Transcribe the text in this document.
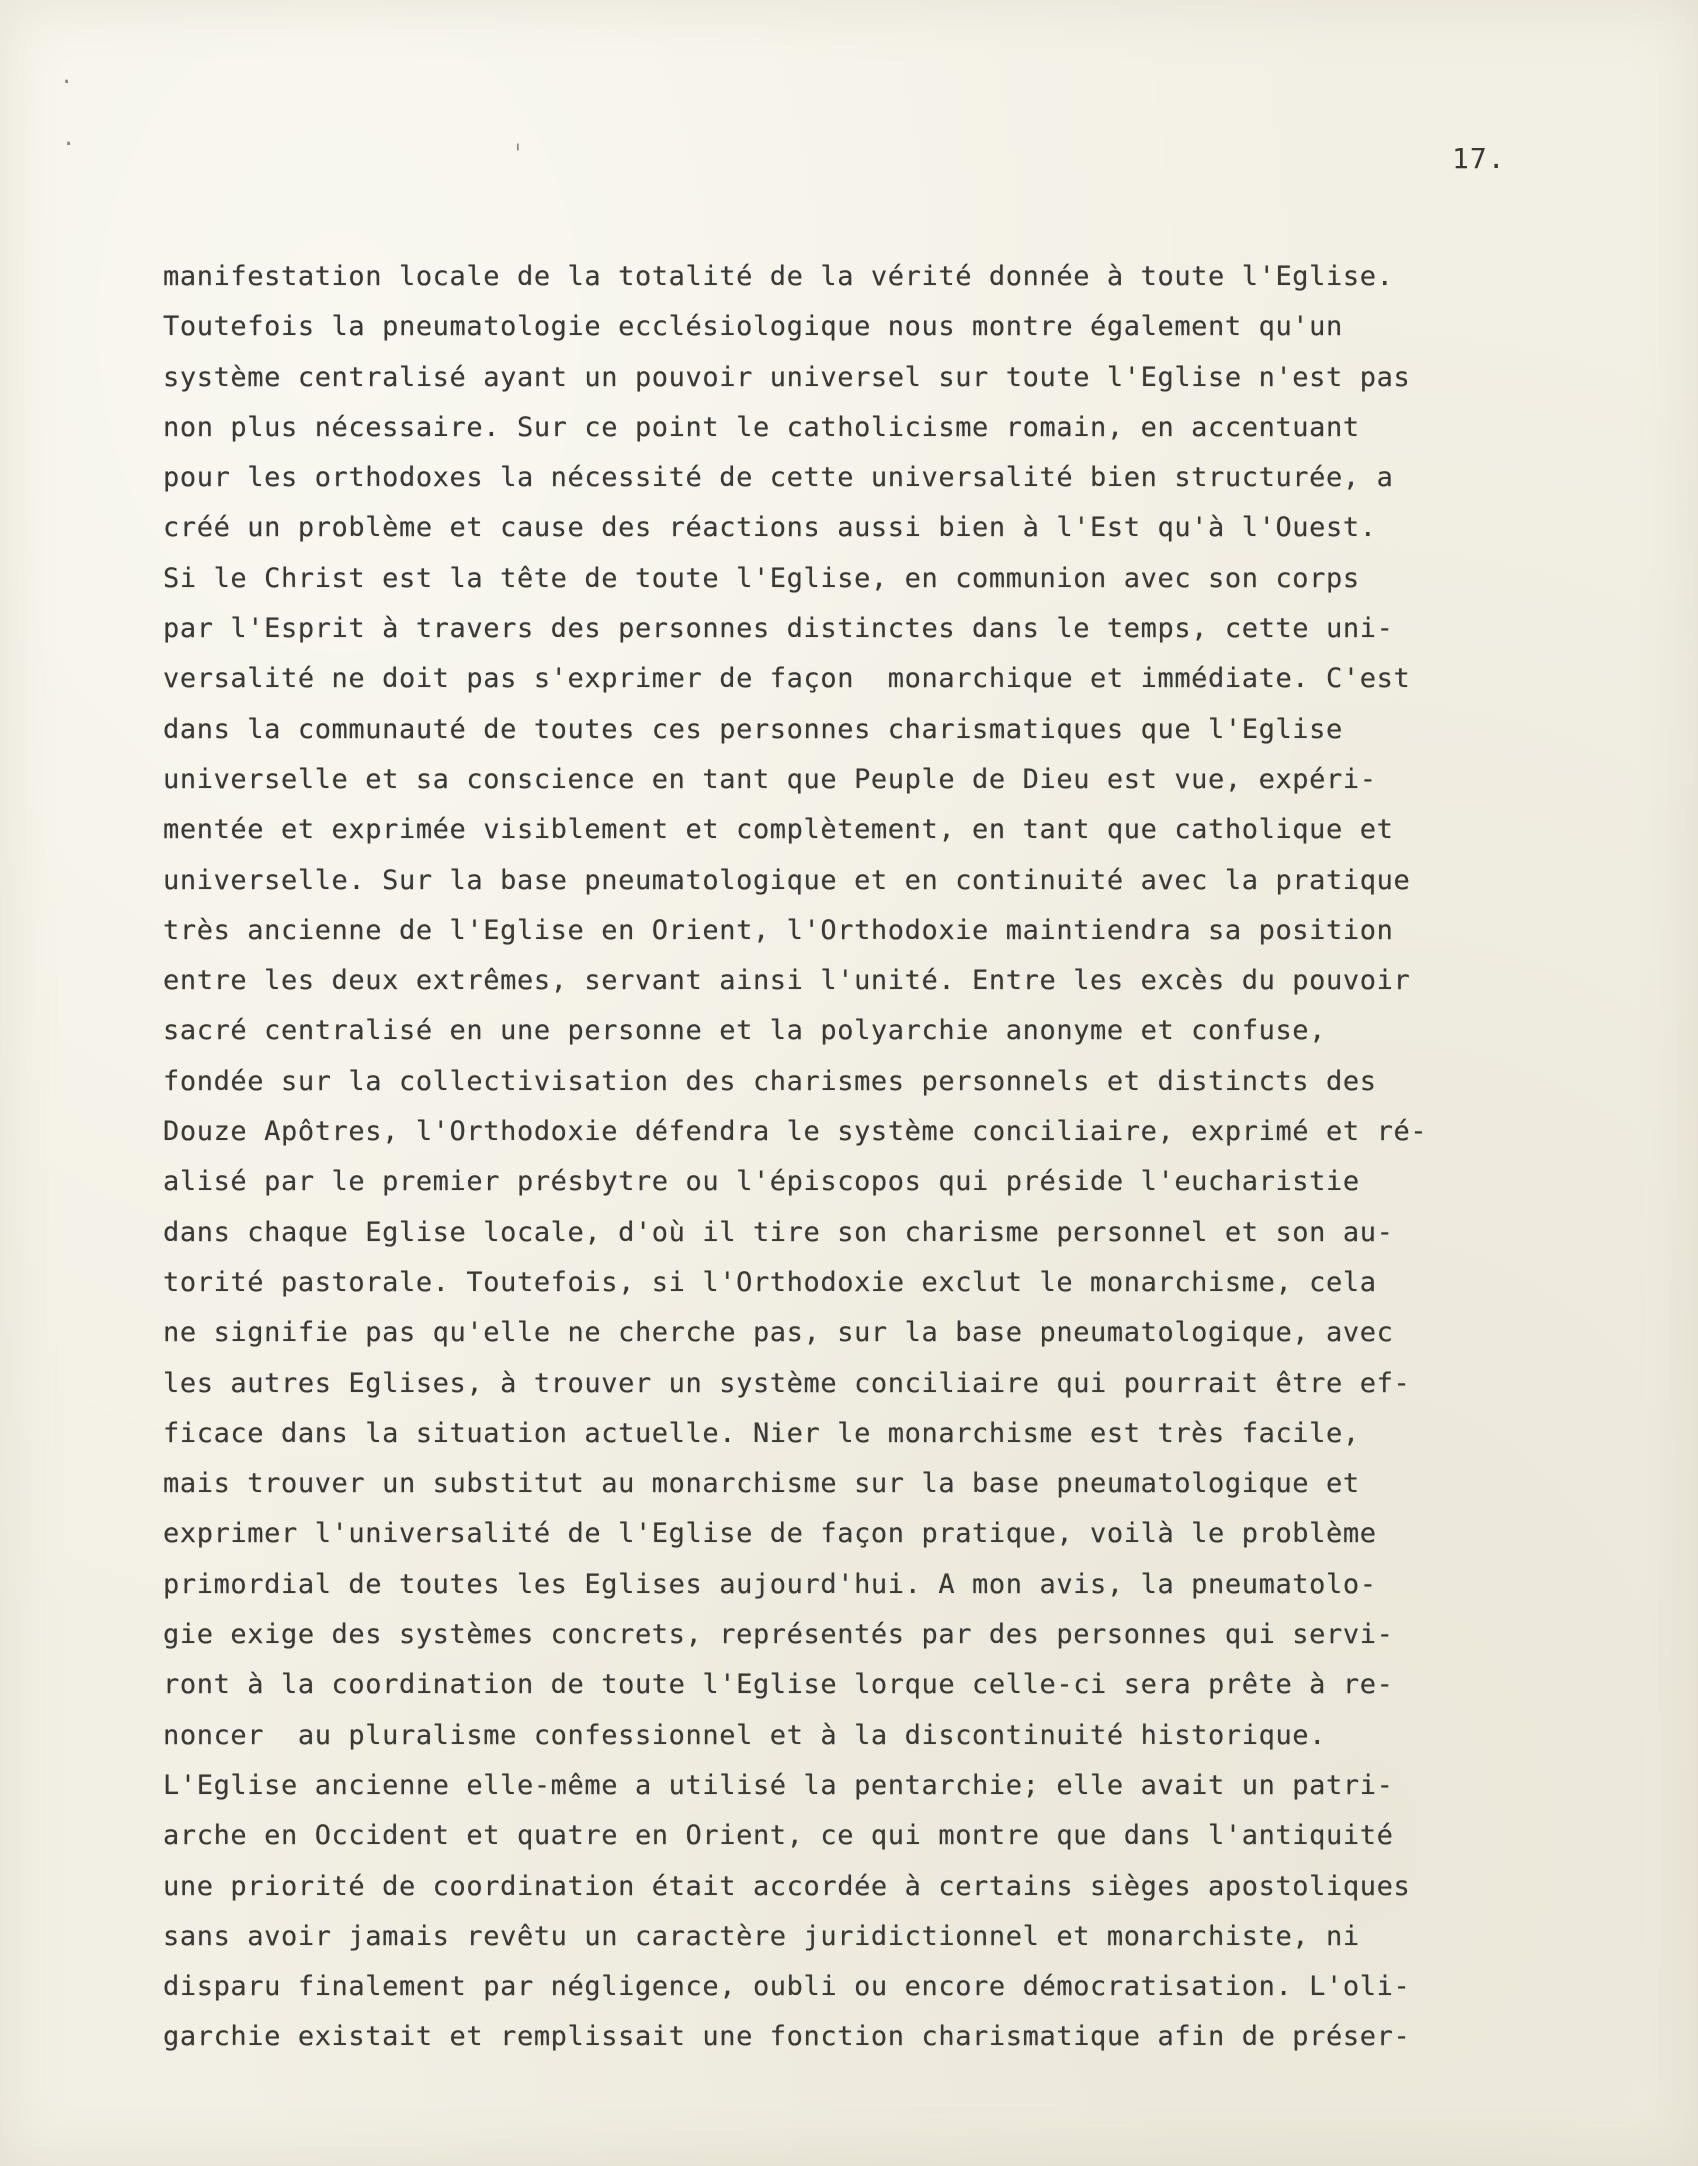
·
·	ˈ	17.
manifestation locale de la totalité de la vérité donnée à toute l'Eglise.
Toutefois la pneumatologie ecclésiologique nous montre également qu'un
système centralisé ayant un pouvoir universel sur toute l'Eglise n'est pas
non plus nécessaire. Sur ce point le catholicisme romain, en accentuant
pour les orthodoxes la nécessité de cette universalité bien structurée, a
créé un problème et cause des réactions aussi bien à l'Est qu'à l'Ouest.
Si le Christ est la tête de toute l'Eglise, en communion avec son corps
par l'Esprit à travers des personnes distinctes dans le temps, cette uni-
versalité ne doit pas s'exprimer de façon  monarchique et immédiate. C'est
dans la communauté de toutes ces personnes charismatiques que l'Eglise
universelle et sa conscience en tant que Peuple de Dieu est vue, expéri-
mentée et exprimée visiblement et complètement, en tant que catholique et
universelle. Sur la base pneumatologique et en continuité avec la pratique
très ancienne de l'Eglise en Orient, l'Orthodoxie maintiendra sa position
entre les deux extrêmes, servant ainsi l'unité. Entre les excès du pouvoir
sacré centralisé en une personne et la polyarchie anonyme et confuse,
fondée sur la collectivisation des charismes personnels et distincts des
Douze Apôtres, l'Orthodoxie défendra le système conciliaire, exprimé et ré-
alisé par le premier présbytre ou l'épiscopos qui préside l'eucharistie
dans chaque Eglise locale, d'où il tire son charisme personnel et son au-
torité pastorale. Toutefois, si l'Orthodoxie exclut le monarchisme, cela
ne signifie pas qu'elle ne cherche pas, sur la base pneumatologique, avec
les autres Eglises, à trouver un système conciliaire qui pourrait être ef-
ficace dans la situation actuelle. Nier le monarchisme est très facile,
mais trouver un substitut au monarchisme sur la base pneumatologique et
exprimer l'universalité de l'Eglise de façon pratique, voilà le problème
primordial de toutes les Eglises aujourd'hui. A mon avis, la pneumatolo-
gie exige des systèmes concrets, représentés par des personnes qui servi-
ront à la coordination de toute l'Eglise lorque celle-ci sera prête à re-
noncer  au pluralisme confessionnel et à la discontinuité historique.
L'Eglise ancienne elle-même a utilisé la pentarchie; elle avait un patri-
arche en Occident et quatre en Orient, ce qui montre que dans l'antiquité
une priorité de coordination était accordée à certains sièges apostoliques
sans avoir jamais revêtu un caractère juridictionnel et monarchiste, ni
disparu finalement par négligence, oubli ou encore démocratisation. L'oli-
garchie existait et remplissait une fonction charismatique afin de préser-
